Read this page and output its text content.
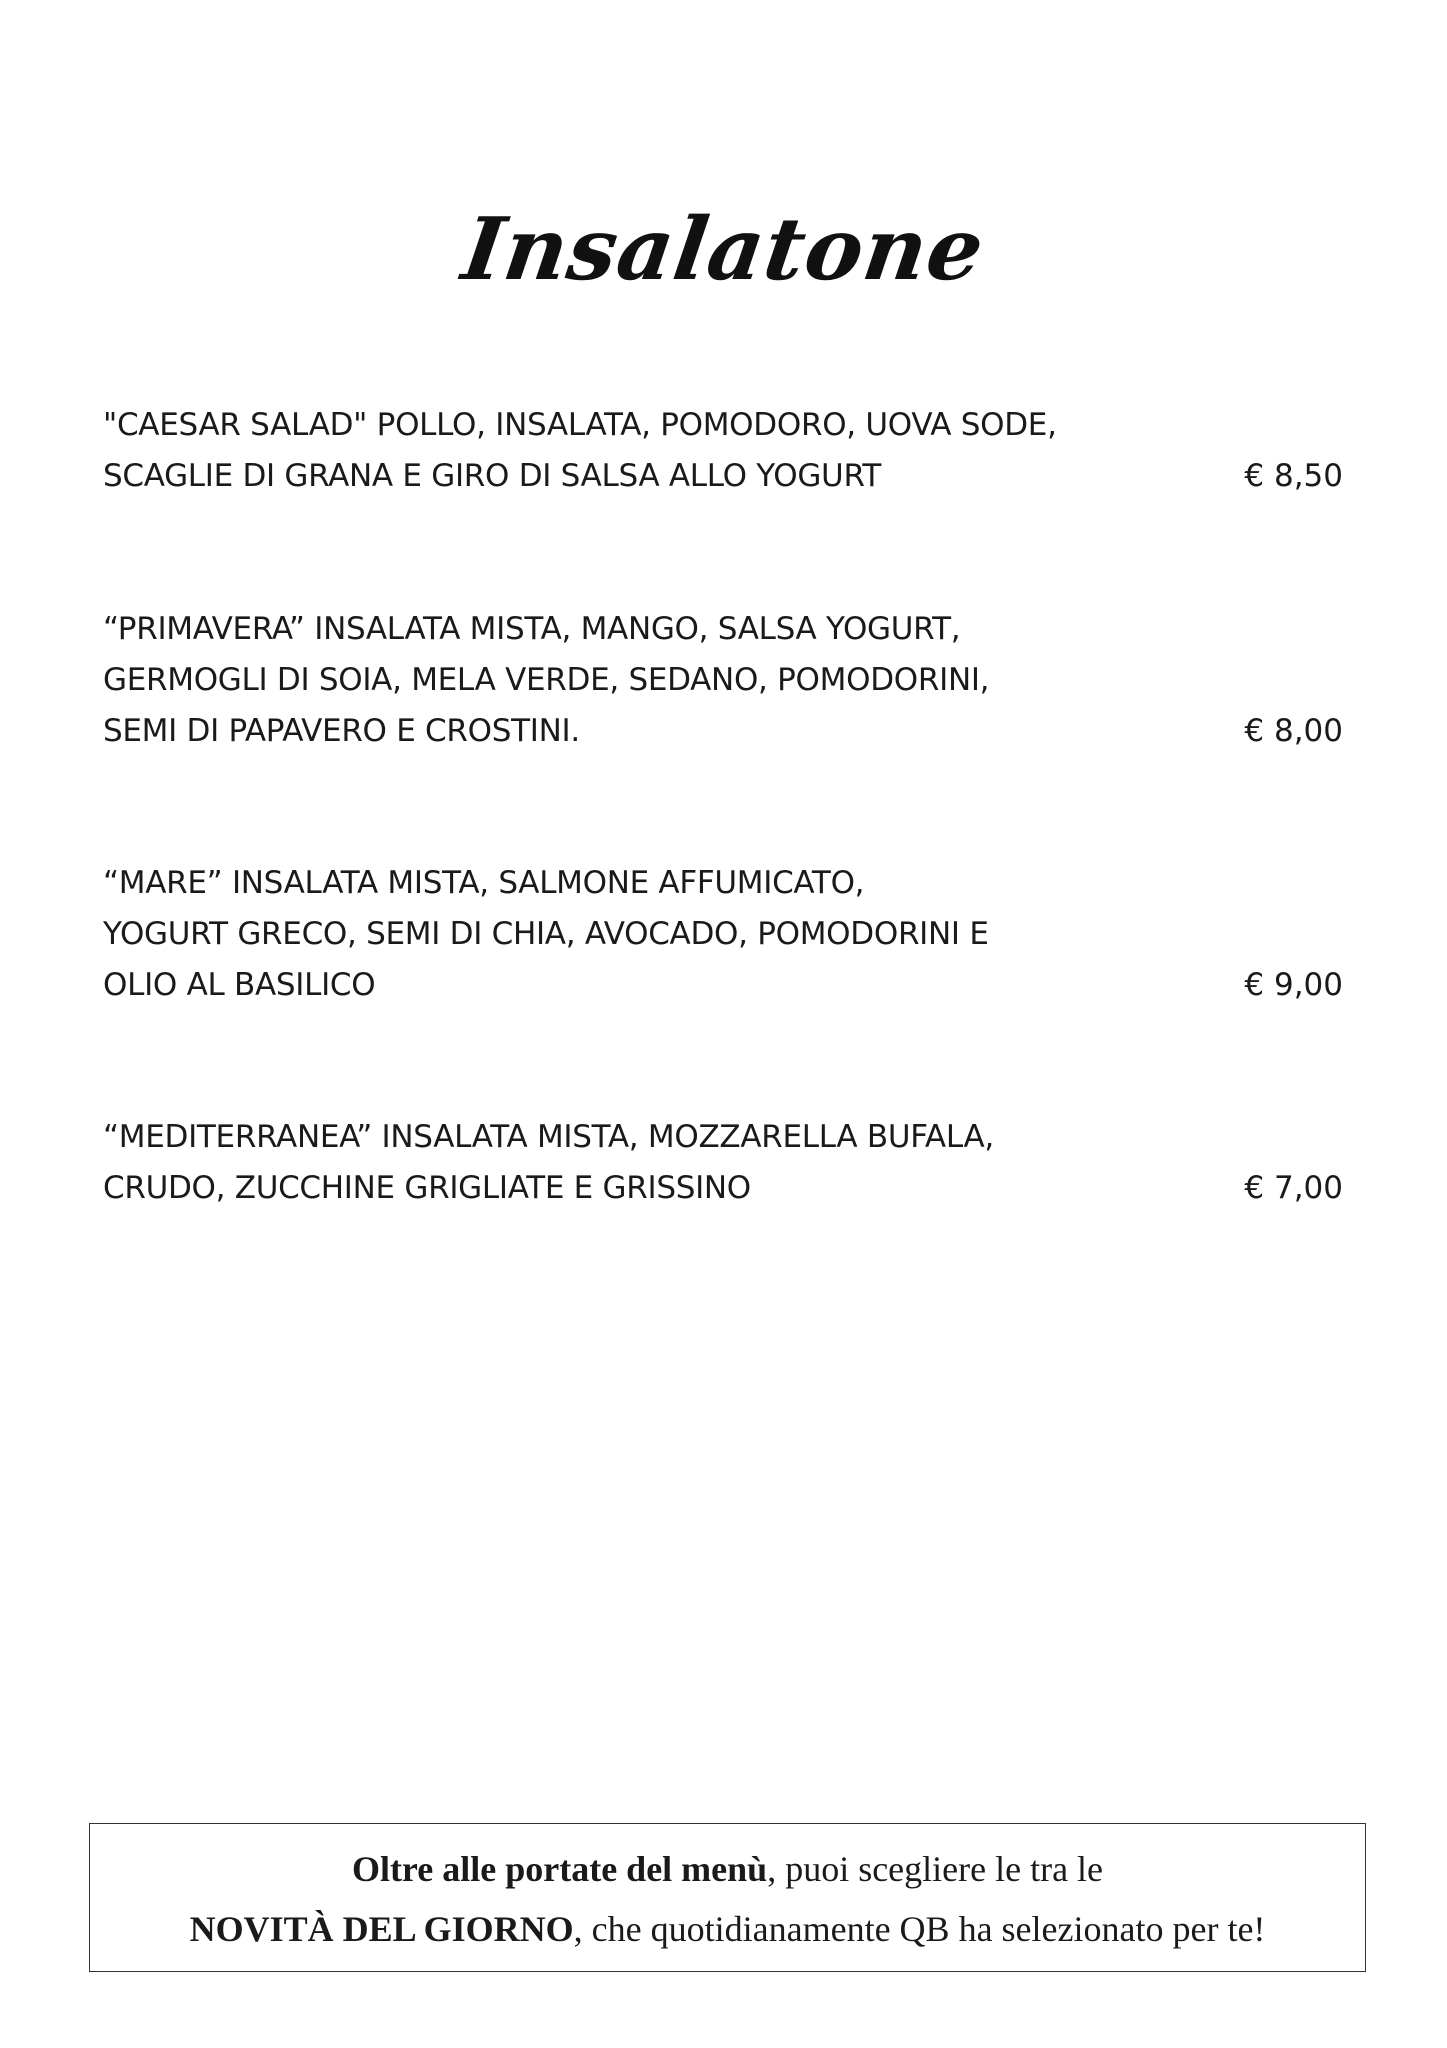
Insalatone
"CAESAR SALAD" POLLO, INSALATA, POMODORO, UOVA SODE,
SCAGLIE DI GRANA E GIRO DI SALSA ALLO YOGURT	€ 8,50
“PRIMAVERA” INSALATA MISTA, MANGO, SALSA YOGURT,
GERMOGLI DI SOIA, MELA VERDE, SEDANO, POMODORINI,
SEMI DI PAPAVERO E CROSTINI.	€ 8,00
“MARE” INSALATA MISTA, SALMONE AFFUMICATO,
YOGURT GRECO, SEMI DI CHIA, AVOCADO, POMODORINI E
OLIO AL BASILICO	€ 9,00
“MEDITERRANEA” INSALATA MISTA, MOZZARELLA BUFALA,
CRUDO, ZUCCHINE GRIGLIATE E GRISSINO	€ 7,00
Oltre alle portate del menù, puoi scegliere le tra le
NOVITÀ DEL GIORNO, che quotidianamente QB ha selezionato per te!
